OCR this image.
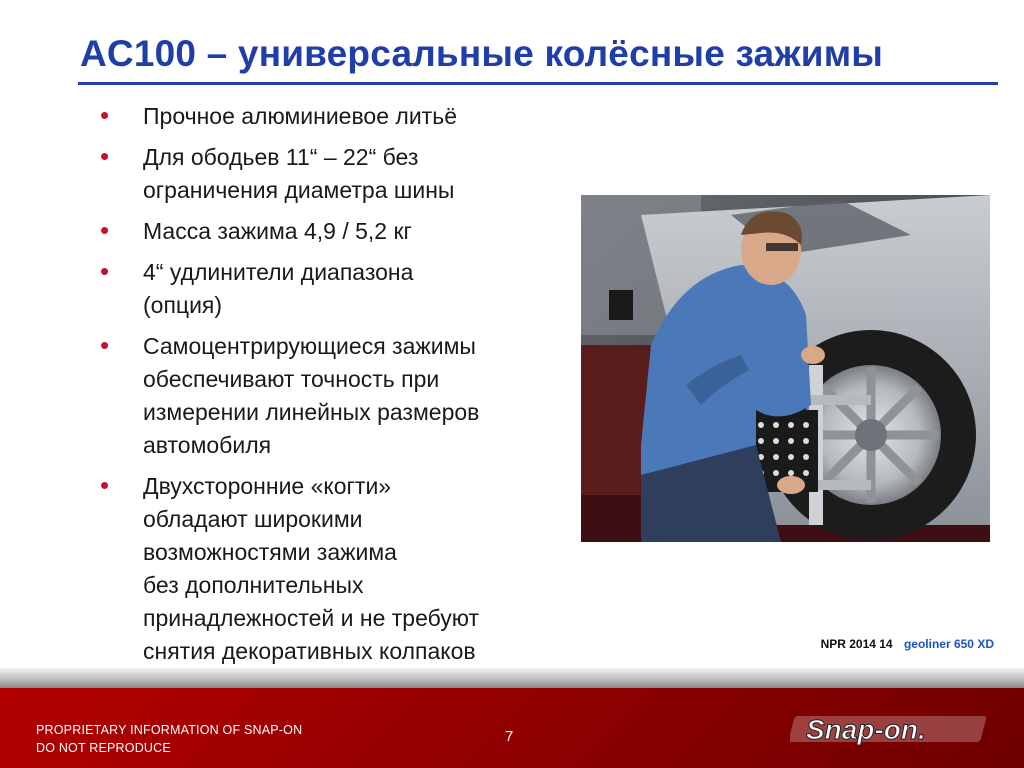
AC100 – универсальные колёсные зажимы
• Прочное алюминиевое литьё
• Для ободьев 11“ – 22“ без
ограничения диаметра шины
• Масса зажима 4,9 / 5,2 кг
• 4“ удлинители диапазона
(опция)
• Самоцентрирующиеся зажимы
обеспечивают точность при
измерении линейных размеров
автомобиля
• Двухсторонние «когти»
обладают широкими
возможностями зажима
без дополнительных
принадлежностей и не требуют
снятия декоративных колпаков	NPR 2014 14 geoliner 650 XD
PROPRIETARY INFORMATION OF SNAP-ON
DO NOT REPRODUCE
7	Snap-on.
